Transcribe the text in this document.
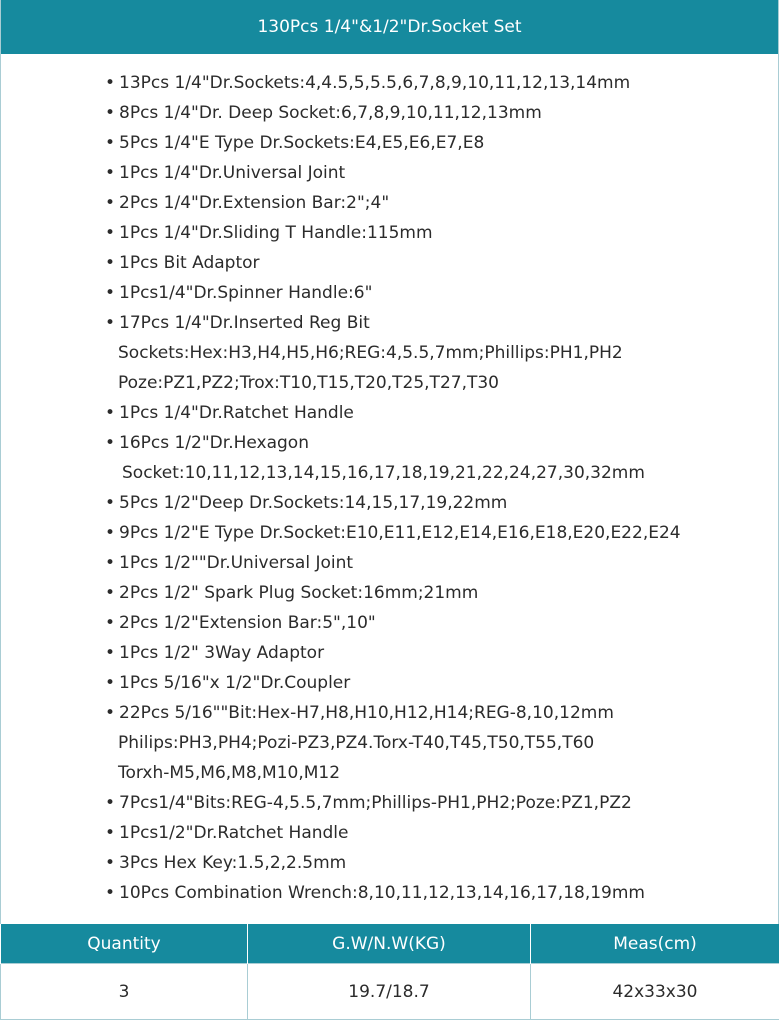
130Pcs 1/4"&1/2"Dr.Socket Set
• 13Pcs 1/4"Dr.Sockets:4,4.5,5,5.5,6,7,8,9,10,11,12,13,14mm
• 8Pcs 1/4"Dr. Deep Socket:6,7,8,9,10,11,12,13mm
• 5Pcs 1/4"E Type Dr.Sockets:E4,E5,E6,E7,E8
• 1Pcs 1/4"Dr.Universal Joint
• 2Pcs 1/4"Dr.Extension Bar:2";4"
• 1Pcs 1/4"Dr.Sliding T Handle:115mm
• 1Pcs Bit Adaptor
• 1Pcs1/4"Dr.Spinner Handle:6"
• 17Pcs 1/4"Dr.Inserted Reg Bit
Sockets:Hex:H3,H4,H5,H6;REG:4,5.5,7mm;Phillips:PH1,PH2
Poze:PZ1,PZ2;Trox:T10,T15,T20,T25,T27,T30
• 1Pcs 1/4"Dr.Ratchet Handle
• 16Pcs 1/2"Dr.Hexagon
Socket:10,11,12,13,14,15,16,17,18,19,21,22,24,27,30,32mm
• 5Pcs 1/2"Deep Dr.Sockets:14,15,17,19,22mm
• 9Pcs 1/2"E Type Dr.Socket:E10,E11,E12,E14,E16,E18,E20,E22,E24
• 1Pcs 1/2""Dr.Universal Joint
• 2Pcs 1/2" Spark Plug Socket:16mm;21mm
• 2Pcs 1/2"Extension Bar:5",10"
• 1Pcs 1/2" 3Way Adaptor
• 1Pcs 5/16"x 1/2"Dr.Coupler
• 22Pcs 5/16""Bit:Hex-H7,H8,H10,H12,H14;REG-8,10,12mm
Philips:PH3,PH4;Pozi-PZ3,PZ4.Torx-T40,T45,T50,T55,T60
Torxh-M5,M6,M8,M10,M12
• 7Pcs1/4"Bits:REG-4,5.5,7mm;Phillips-PH1,PH2;Poze:PZ1,PZ2
• 1Pcs1/2"Dr.Ratchet Handle
• 3Pcs Hex Key:1.5,2,2.5mm
• 10Pcs Combination Wrench:8,10,11,12,13,14,16,17,18,19mm
Quantity	G.W/N.W(KG)	Meas(cm)
3	19.7/18.7	42x33x30
